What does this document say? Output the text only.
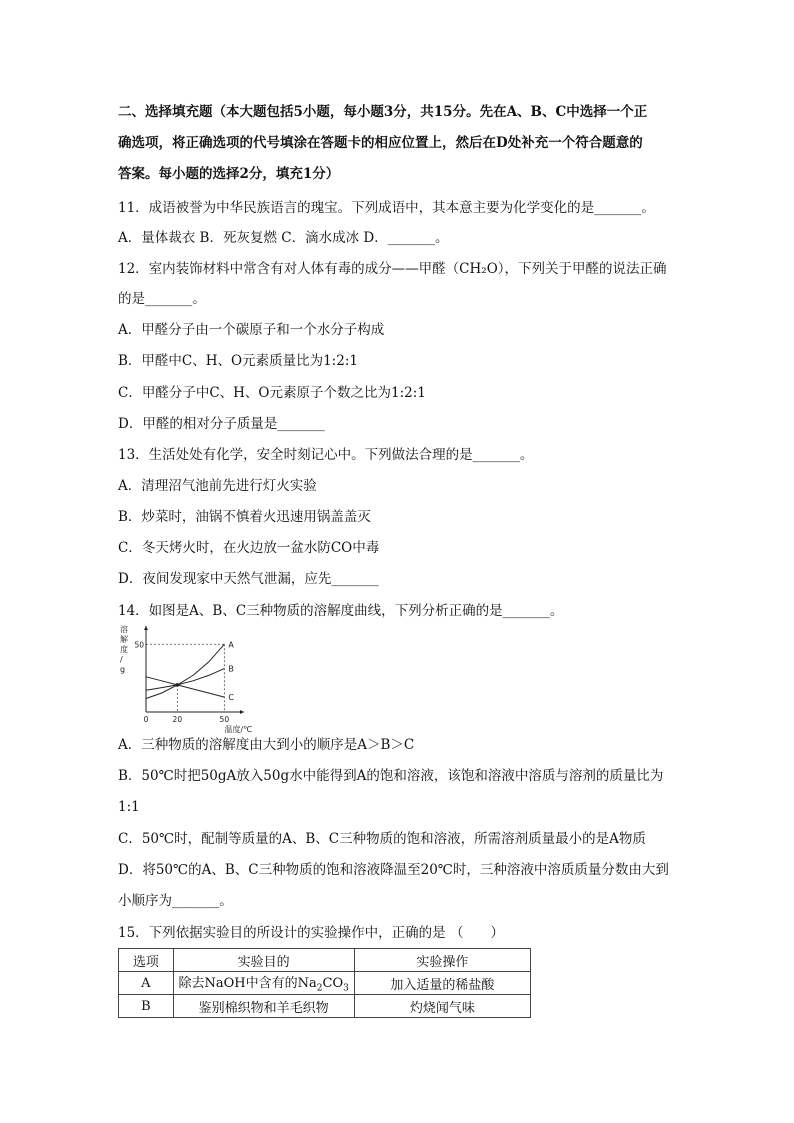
二、选择填充题（本大题包括5小题，每小题3分，共15分。先在A、B、C中选择一个正
确选项，将正确选项的代号填涂在答题卡的相应位置上，然后在D处补充一个符合题意的
答案。每小题的选择2分，填充1分）
11．成语被誉为中华民族语言的瑰宝。下列成语中，其本意主要为化学变化的是_______。
A．量体裁衣 B．死灰复燃 C．滴水成冰 D．_______。
12．室内装饰材料中常含有对人体有毒的成分——甲醛（CH₂O），下列关于甲醛的说法正确
的是_______。
A．甲醛分子由一个碳原子和一个水分子构成
B．甲醛中C、H、O元素质量比为1:2:1
C．甲醛分子中C、H、O元素原子个数之比为1:2:1
D．甲醛的相对分子质量是_______
13．生活处处有化学，安全时刻记心中。下列做法合理的是_______。
A．清理沼气池前先进行灯火实验
B．炒菜时，油锅不慎着火迅速用锅盖盖灭
C．冬天烤火时，在火边放一盆水防CO中毒
D．夜间发现家中天然气泄漏，应先_______
14．如图是A、B、C三种物质的溶解度曲线，下列分析正确的是_______。
溶
解
度
/
g
0	20	50
50
温度/℃
A
B
C
A．三种物质的溶解度由大到小的顺序是A＞B＞C
B．50℃时把50gA放入50g水中能得到A的饱和溶液，该饱和溶液中溶质与溶剂的质量比为
1:1
C．50℃时，配制等质量的A、B、C三种物质的饱和溶液，所需溶剂质量最小的是A物质
D．将50℃的A、B、C三种物质的饱和溶液降温至20℃时，三种溶液中溶质质量分数由大到
小顺序为_______。
15．下列依据实验目的所设计的实验操作中，正确的是 （　　）
选项	实验目的	实验操作
A	除去NaOH中含有的$Na_2CO_3$	加入适量的稀盐酸
B	鉴别棉织物和羊毛织物	灼烧闻气味
